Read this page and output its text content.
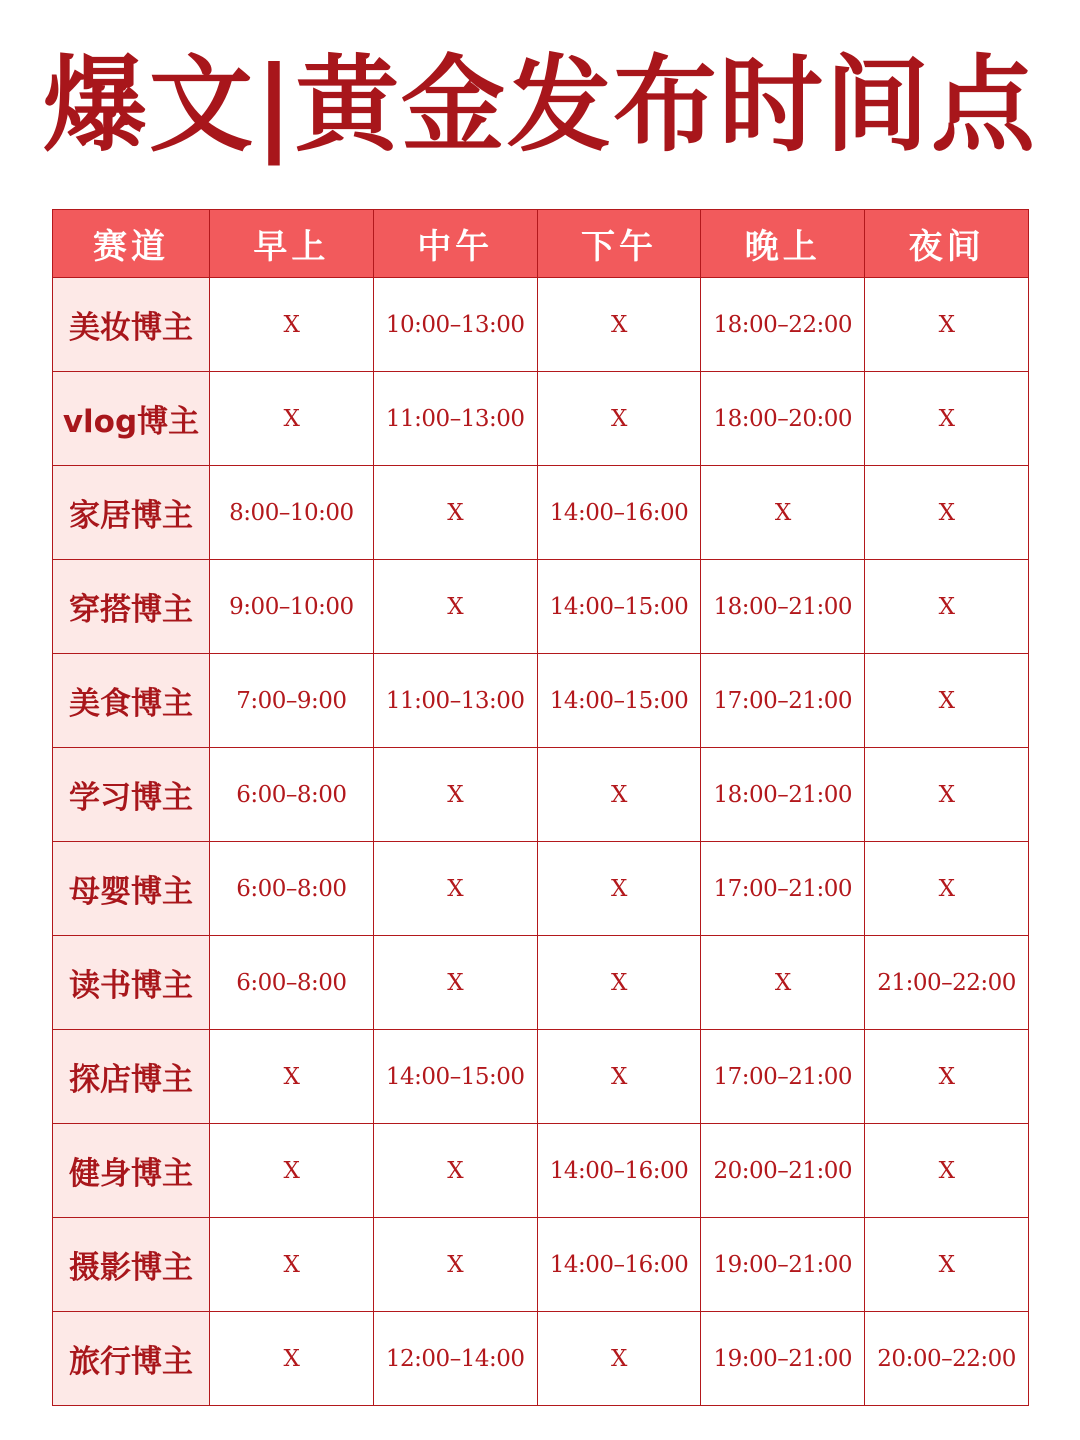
爆文|黄金发布时间点
赛道	早上	中午	下午	晚上	夜间
美妆博主	X	10:00–13:00	X	18:00–22:00	X
vlog博主	X	11:00–13:00	X	18:00–20:00	X
家居博主	8:00–10:00	X	14:00–16:00	X	X
穿搭博主	9:00–10:00	X	14:00–15:00	18:00–21:00	X
美食博主	7:00–9:00	11:00–13:00	14:00–15:00	17:00–21:00	X
学习博主	6:00–8:00	X	X	18:00–21:00	X
母婴博主	6:00–8:00	X	X	17:00–21:00	X
读书博主	6:00–8:00	X	X	X	21:00–22:00
探店博主	X	14:00–15:00	X	17:00–21:00	X
健身博主	X	X	14:00–16:00	20:00–21:00	X
摄影博主	X	X	14:00–16:00	19:00–21:00	X
旅行博主	X	12:00–14:00	X	19:00–21:00	20:00–22:00
